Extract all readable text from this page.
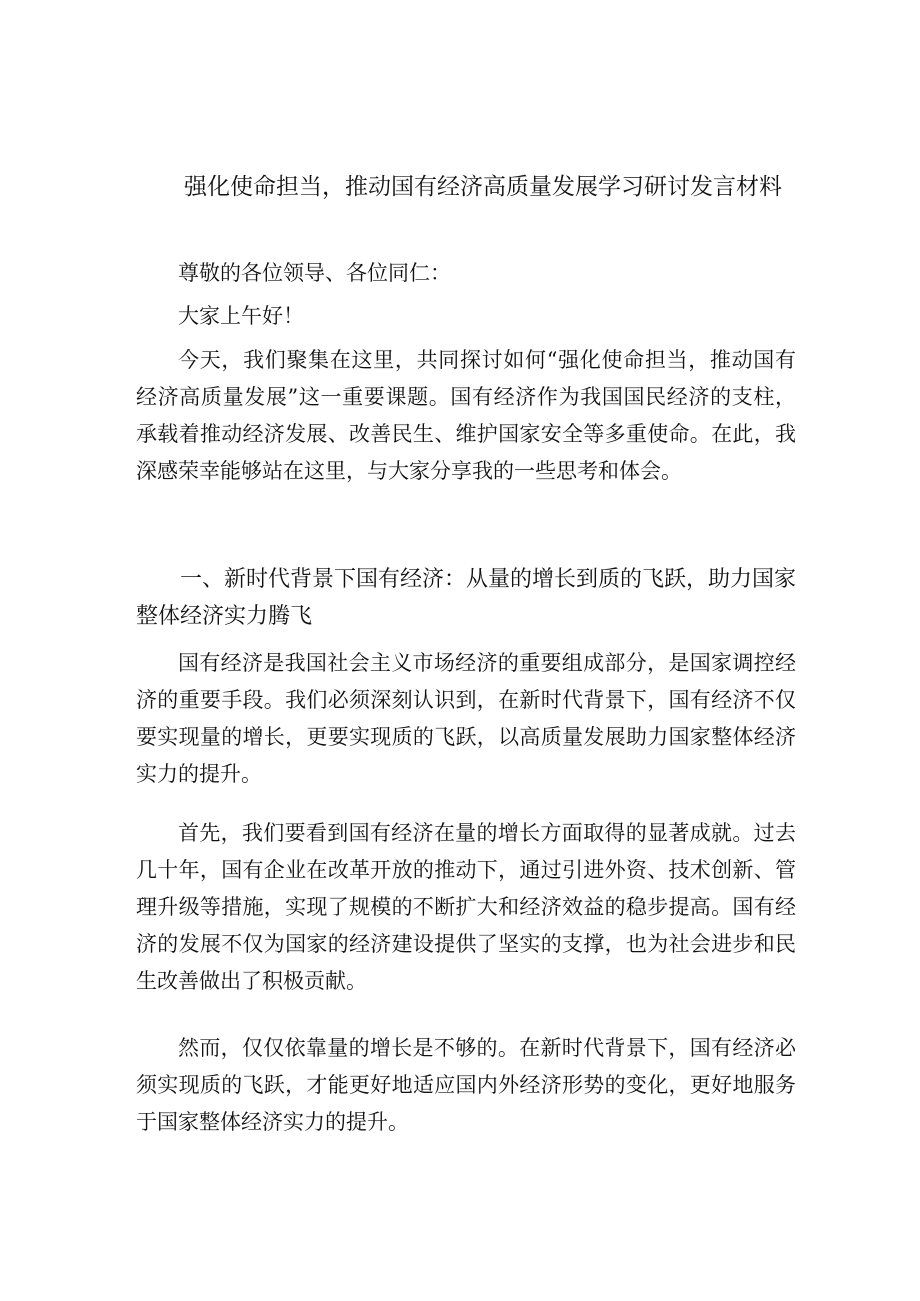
强化使命担当，推动国有经济高质量发展学习研讨发言材料

尊敬的各位领导、各位同仁：

大家上午好！

今天，我们聚集在这里，共同探讨如何“强化使命担当，推动国有经济高质量发展”这一重要课题。国有经济作为我国国民经济的支柱，承载着推动经济发展、改善民生、维护国家安全等多重使命。在此，我深感荣幸能够站在这里，与大家分享我的一些思考和体会。

一、新时代背景下国有经济：从量的增长到质的飞跃，助力国家整体经济实力腾飞

国有经济是我国社会主义市场经济的重要组成部分，是国家调控经济的重要手段。我们必须深刻认识到，在新时代背景下，国有经济不仅要实现量的增长，更要实现质的飞跃，以高质量发展助力国家整体经济实力的提升。

首先，我们要看到国有经济在量的增长方面取得的显著成就。过去几十年，国有企业在改革开放的推动下，通过引进外资、技术创新、管理升级等措施，实现了规模的不断扩大和经济效益的稳步提高。国有经济的发展不仅为国家的经济建设提供了坚实的支撑，也为社会进步和民生改善做出了积极贡献。

然而，仅仅依靠量的增长是不够的。在新时代背景下，国有经济必须实现质的飞跃，才能更好地适应国内外经济形势的变化，更好地服务于国家整体经济实力的提升。
